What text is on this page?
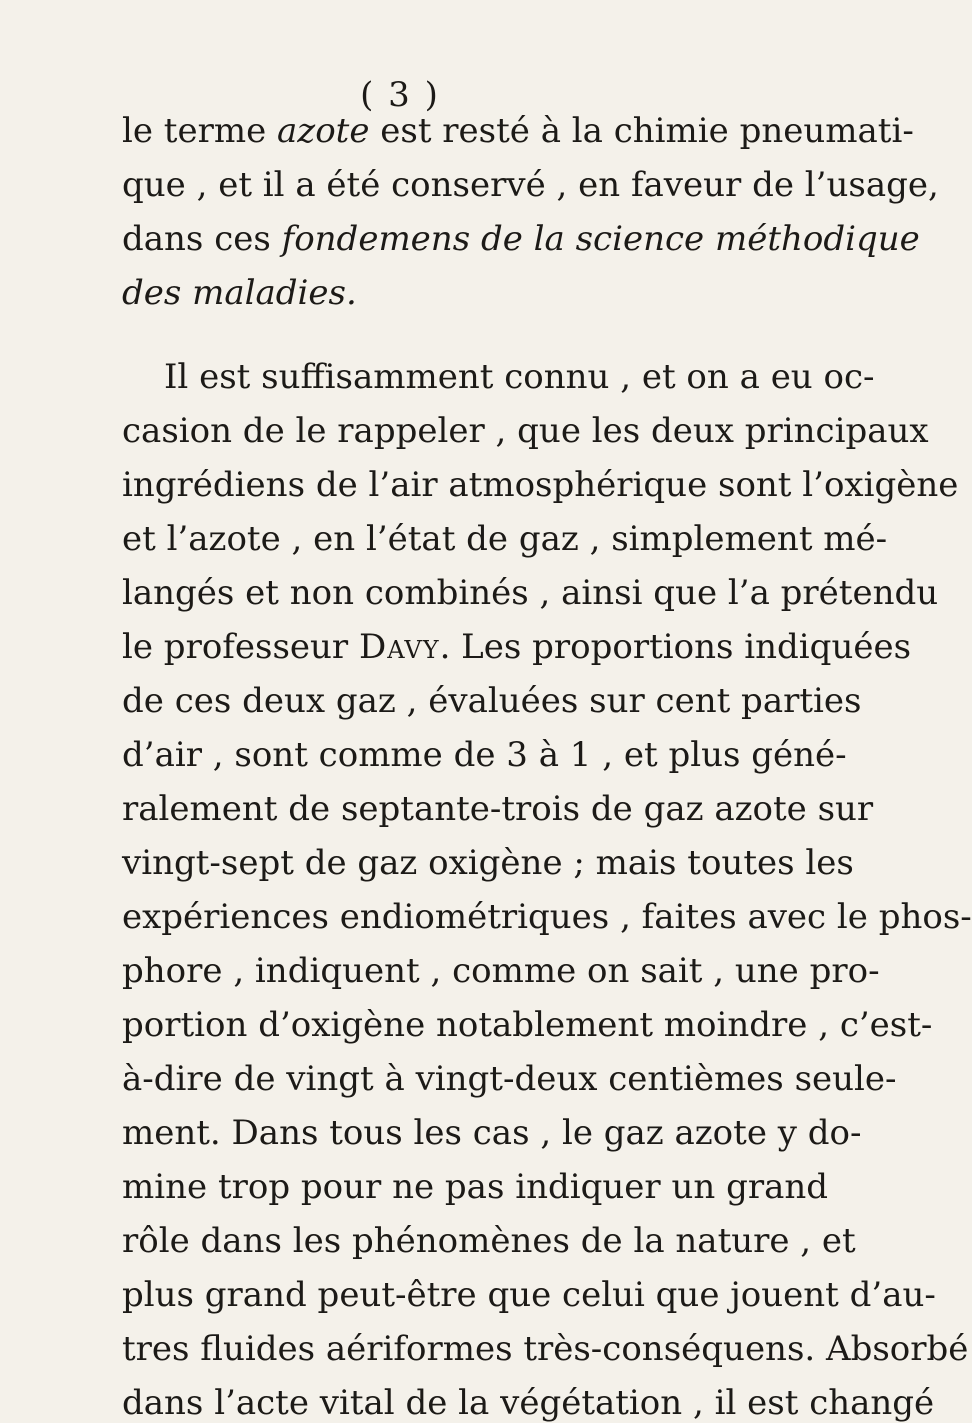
( 3 )
le terme azote est resté à la chimie pneumati-
que , et il a été conservé , en faveur de l’usage,
dans ces fondemens de la science méthodique
des maladies.
Il est suffisamment connu , et on a eu oc-
casion de le rappeler , que les deux principaux
ingrédiens de l’air atmosphérique sont l’oxigène
et l’azote , en l’état de gaz , simplement mé-
langés et non combinés , ainsi que l’a prétendu
le professeur Davy. Les proportions indiquées
de ces deux gaz , évaluées sur cent parties
d’air , sont comme de 3 à 1 , et plus géné-
ralement de septante-trois de gaz azote sur
vingt-sept de gaz oxigène ; mais toutes les
expériences endiométriques , faites avec le phos-
phore , indiquent , comme on sait , une pro-
portion d’oxigène notablement moindre , c’est-
à-dire de vingt à vingt-deux centièmes seule-
ment. Dans tous les cas , le gaz azote y do-
mine trop pour ne pas indiquer un grand
rôle dans les phénomènes de la nature , et
plus grand peut-être que celui que jouent d’au-
tres fluides aériformes très-conséquens. Absorbé
dans l’acte vital de la végétation , il est changé
